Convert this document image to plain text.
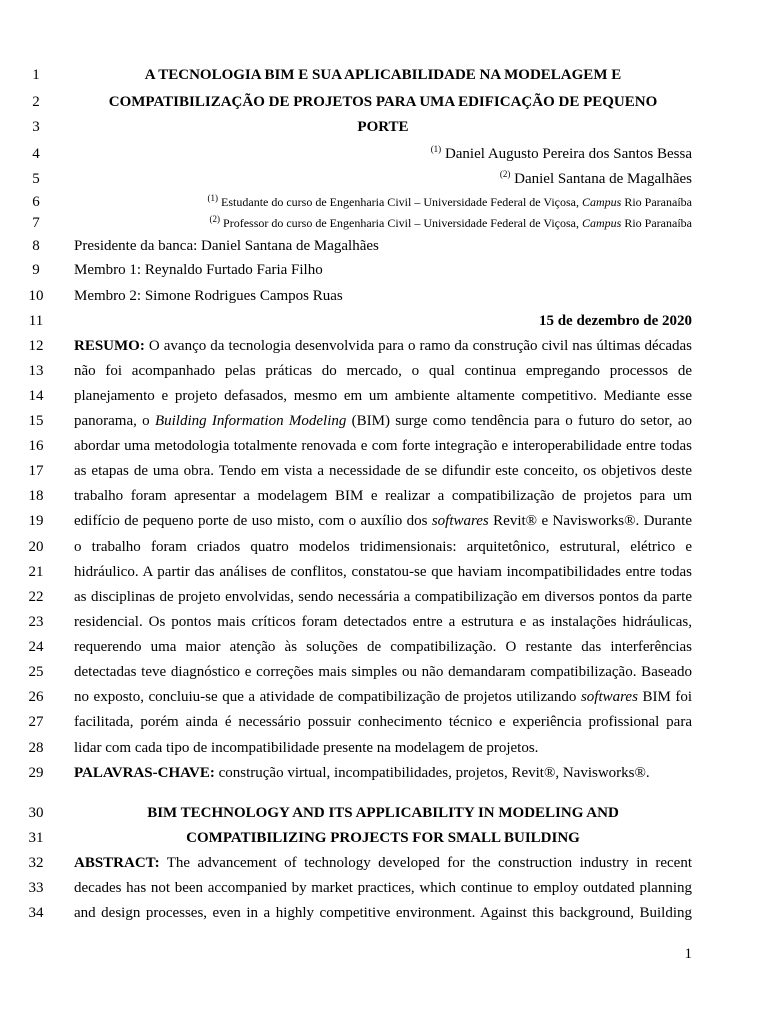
1	A TECNOLOGIA BIM E SUA APLICABILIDADE NA MODELAGEM E
2	COMPATIBILIZAÇÃO DE PROJETOS PARA UMA EDIFICAÇÃO DE PEQUENO
3	PORTE
4	$^{(1)}$ Daniel Augusto Pereira dos Santos Bessa
5	$^{(2)}$ Daniel Santana de Magalhães
6	$^{(1)}$ Estudante do curso de Engenharia Civil – Universidade Federal de Viçosa, Campus Rio Paranaíba
7	$^{(2)}$ Professor do curso de Engenharia Civil – Universidade Federal de Viçosa, Campus Rio Paranaíba
8	Presidente da banca: Daniel Santana de Magalhães
9	Membro 1: Reynaldo Furtado Faria Filho
10	Membro 2: Simone Rodrigues Campos Ruas
11	15 de dezembro de 2020
12	RESUMO: O avanço da tecnologia desenvolvida para o ramo da construção civil nas últimas décadas
13	não foi acompanhado pelas práticas do mercado, o qual continua empregando processos de
14	planejamento e projeto defasados, mesmo em um ambiente altamente competitivo. Mediante esse
15	panorama, o Building Information Modeling (BIM) surge como tendência para o futuro do setor, ao
16	abordar uma metodologia totalmente renovada e com forte integração e interoperabilidade entre todas
17	as etapas de uma obra. Tendo em vista a necessidade de se difundir este conceito, os objetivos deste
18	trabalho foram apresentar a modelagem BIM e realizar a compatibilização de projetos para um
19	edifício de pequeno porte de uso misto, com o auxílio dos softwares Revit® e Navisworks®. Durante
20	o trabalho foram criados quatro modelos tridimensionais: arquitetônico, estrutural, elétrico e
21	hidráulico. A partir das análises de conflitos, constatou-se que haviam incompatibilidades entre todas
22	as disciplinas de projeto envolvidas, sendo necessária a compatibilização em diversos pontos da parte
23	residencial. Os pontos mais críticos foram detectados entre a estrutura e as instalações hidráulicas,
24	requerendo uma maior atenção às soluções de compatibilização. O restante das interferências
25	detectadas teve diagnóstico e correções mais simples ou não demandaram compatibilização. Baseado
26	no exposto, concluiu-se que a atividade de compatibilização de projetos utilizando softwares BIM foi
27	facilitada, porém ainda é necessário possuir conhecimento técnico e experiência profissional para
28	lidar com cada tipo de incompatibilidade presente na modelagem de projetos.
29	PALAVRAS-CHAVE: construção virtual, incompatibilidades, projetos, Revit®, Navisworks®.
30	BIM TECHNOLOGY AND ITS APPLICABILITY IN MODELING AND
31	COMPATIBILIZING PROJECTS FOR SMALL BUILDING
32	ABSTRACT: The advancement of technology developed for the construction industry in recent
33	decades has not been accompanied by market practices, which continue to employ outdated planning
34	and design processes, even in a highly competitive environment. Against this background, Building
1
